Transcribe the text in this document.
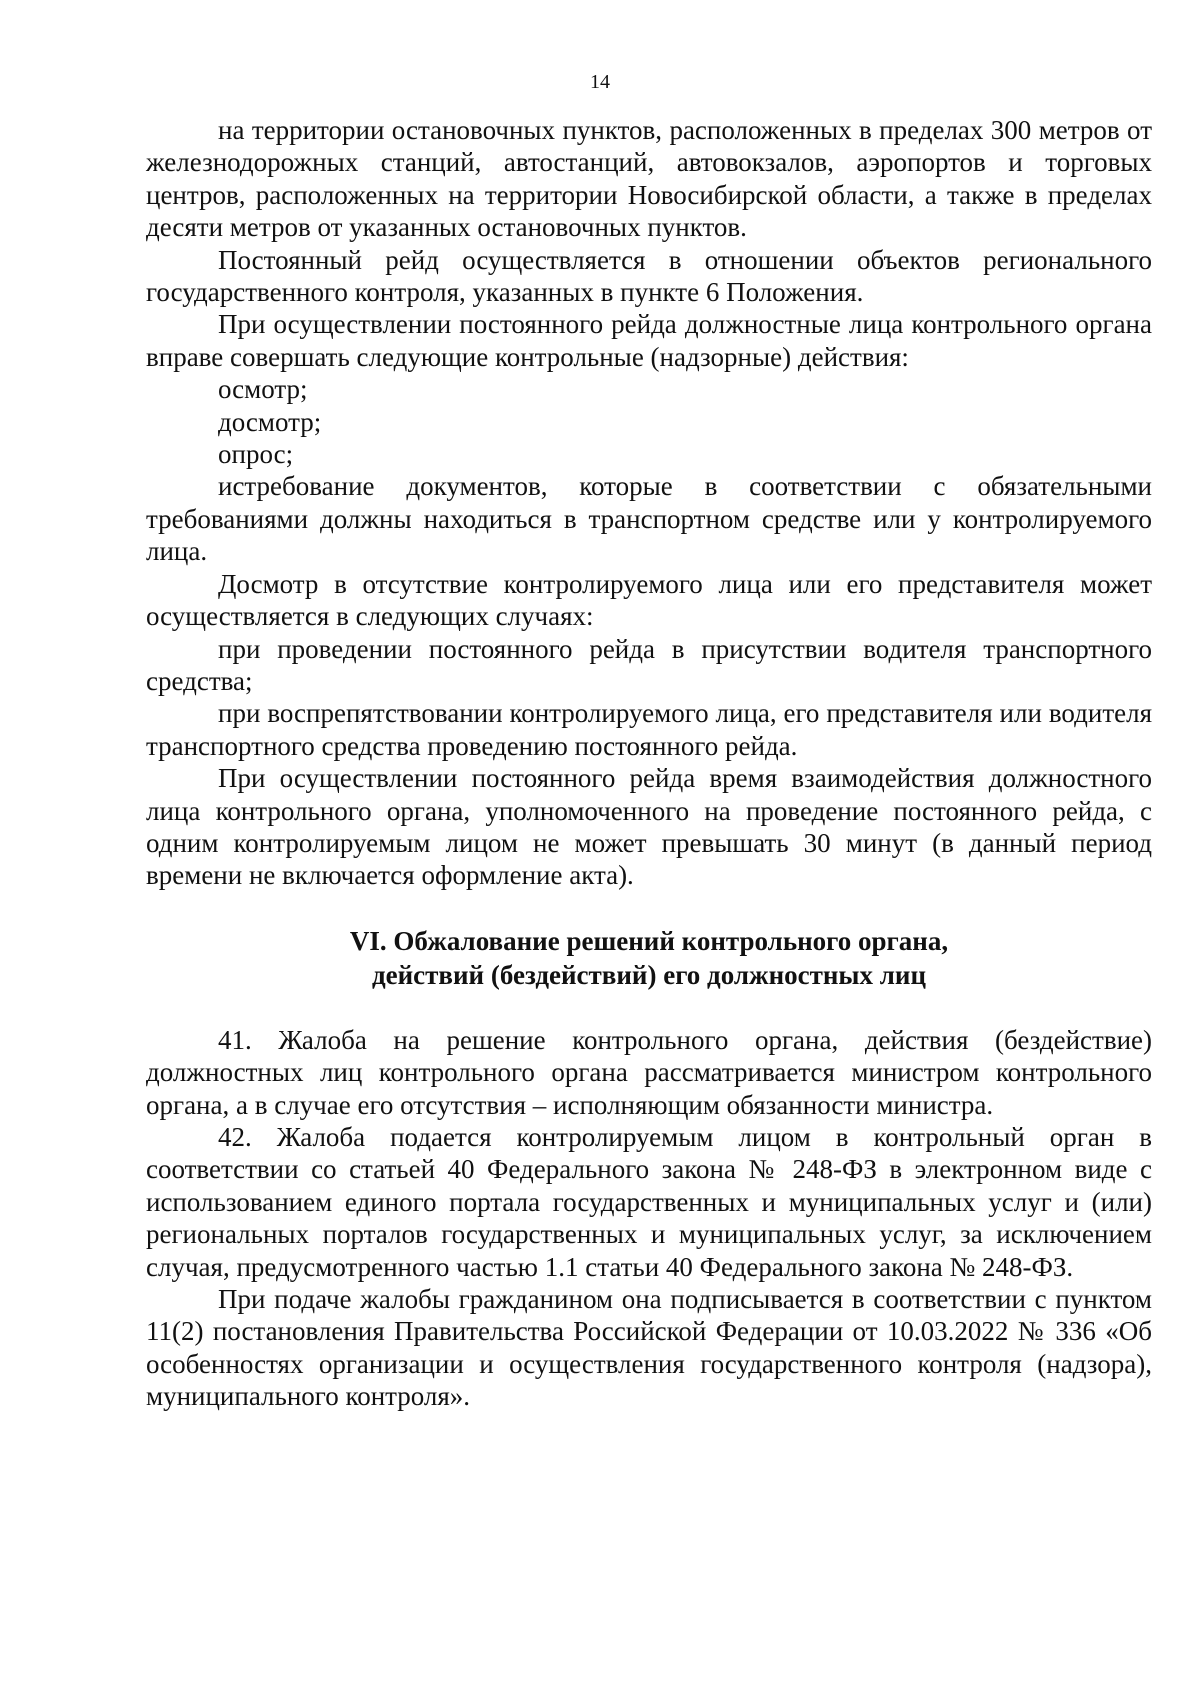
14

на территории остановочных пунктов, расположенных в пределах 300 метров от железнодорожных станций, автостанций, автовокзалов, аэропортов и торговых центров, расположенных на территории Новосибирской области, а также в пределах десяти метров от указанных остановочных пунктов.

Постоянный рейд осуществляется в отношении объектов регионального государственного контроля, указанных в пункте 6 Положения.

При осуществлении постоянного рейда должностные лица контрольного органа вправе совершать следующие контрольные (надзорные) действия:

осмотр;

досмотр;

опрос;

истребование документов, которые в соответствии с обязательными требованиями должны находиться в транспортном средстве или у контролируемого лица.

Досмотр в отсутствие контролируемого лица или его представителя может осуществляется в следующих случаях:

при проведении постоянного рейда в присутствии водителя транспортного средства;

при воспрепятствовании контролируемого лица, его представителя или водителя транспортного средства проведению постоянного рейда.

При осуществлении постоянного рейда время взаимодействия должностного лица контрольного органа, уполномоченного на проведение постоянного рейда, с одним контролируемым лицом не может превышать 30 минут (в данный период времени не включается оформление акта).

VI. Обжалование решений контрольного органа,
действий (бездействий) его должностных лиц

41. Жалоба на решение контрольного органа, действия (бездействие) должностных лиц контрольного органа рассматривается министром контрольного органа, а в случае его отсутствия – исполняющим обязанности министра.

42. Жалоба подается контролируемым лицом в контрольный орган в соответствии со статьей 40 Федерального закона № 248-ФЗ в электронном виде с использованием единого портала государственных и муниципальных услуг и (или) региональных порталов государственных и муниципальных услуг, за исключением случая, предусмотренного частью 1.1 статьи 40 Федерального закона № 248-ФЗ.

При подаче жалобы гражданином она подписывается в соответствии с пунктом 11(2) постановления Правительства Российской Федерации от 10.03.2022 № 336 «Об особенностях организации и осуществления государственного контроля (надзора), муниципального контроля».
